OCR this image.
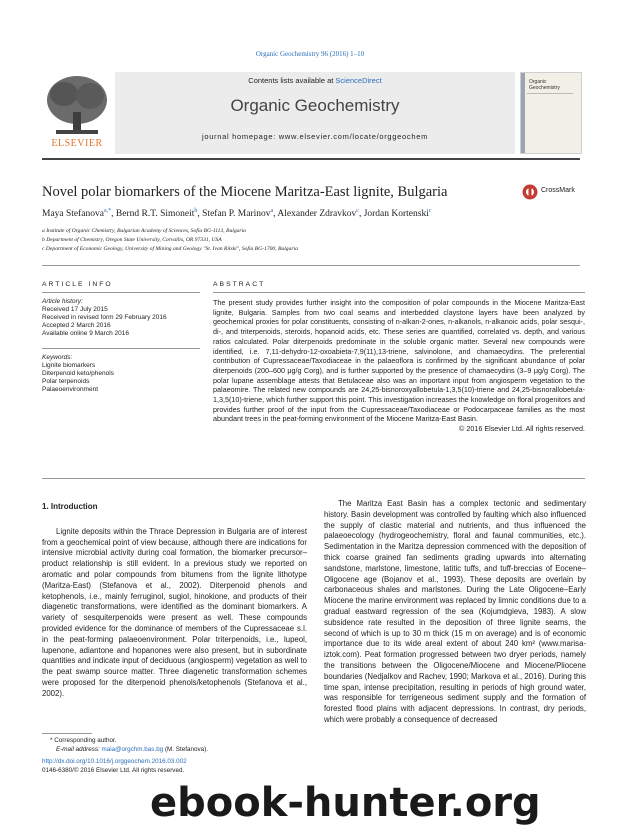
Organic Geochemistry 96 (2016) 1–10
ELSEVIER
Contents lists available at ScienceDirect
Organic Geochemistry
journal homepage: www.elsevier.com/locate/orggeochem
Organic Geochemistry
Novel polar biomarkers of the Miocene Maritza-East lignite, Bulgaria	CrossMark
Maya Stefanova$^{a,*}$, Bernd R.T. Simoneit$^b$, Stefan P. Marinov$^a$, Alexander Zdravkov$^c$, Jordan Kortenski$^c$
a Institute of Organic Chemistry, Bulgarian Academy of Sciences, Sofia BG-1113, Bulgaria
b Department of Chemistry, Oregon State University, Corvallis, OR 97331, USA
c Department of Economic Geology, University of Mining and Geology "St. Ivan Rilski", Sofia BG-1700, Bulgaria
ARTICLE INFO	ABSTRACT
Article history:
Received 17 July 2015
Received in revised form 29 February 2016
Accepted 2 March 2016
Available online 9 March 2016
Keywords:
Lignite biomarkers
Diterpenoid keto/phenols
Polar terpenoids
Palaeoenvironment
The present study provides further insight into the composition of polar compounds in the Miocene Maritza-East lignite, Bulgaria. Samples from two coal seams and interbedded claystone layers have been analyzed by geochemical proxies for polar constituents, consisting of n-alkan-2-ones, n-alkanols, n-alkanoic acids, polar sesqui-, di-, and triterpenoids, steroids, hopanoid acids, etc. These series are quantified, correlated vs. depth, and various ratios calculated. Polar diterpenoids predominate in the soluble organic matter. Several new compounds were identified, i.e. 7,11-dehydro-12-oxoabieta-7,9(11),13-triene, salvinolone, and chamaecydins. The preferential contribution of Cupressaceae/Taxodiaceae in the palaeoflora is confirmed by the significant abundance of polar diterpenoids (200–600 μg/g Corg), and is further supported by the presence of chamaecydins (3–9 μg/g Corg). The polar lupane assemblage attests that Betulaceae also was an important input from angiosperm vegetation to the palaeomire. The related new compounds are 24,25-bisnoroxyallobetula-1,3,5(10)-triene and 24,25-bisnorallobetula-1,3,5(10)-triene, which further support this point. This investigation increases the knowledge on floral progenitors and provides further proof of the input from the Cupressaceae/Taxodiaceae or Podocarpaceae families as the most abundant trees in the peat-forming environment of the Miocene Maritza-East Basin.
© 2016 Elsevier Ltd. All rights reserved.
1. Introduction

Lignite deposits within the Thrace Depression in Bulgaria are of interest from a geochemical point of view because, although there are indications for intensive microbial activity during coal formation, the biomarker precursor–product relationship is still evident. In a previous study we reported on aromatic and polar compounds from bitumens from the lignite lithotype (Maritza-East) (Stefanova et al., 2002). Diterpenoid phenols and ketophenols, i.e., mainly ferruginol, sugiol, hinokione, and products of their diagenetic transformations, were identified as the dominant biomarkers. A variety of sesquiterpenoids were present as well. These compounds provided evidence for the dominance of members of the Cupressaceae s.l. in the peat-forming palaeoenvironment. Polar triterpenoids, i.e., lupeol, lupenone, adiantone and hopanones were also present, but in subordinate quantities and indicate input of deciduous (angiosperm) vegetation as well to the peat swamp source matter. Three diagenetic transformation schemes were proposed for the diterpenoid phenols/ketophenols (Stefanova et al., 2002).

The Maritza East Basin has a complex tectonic and sedimentary history. Basin development was controlled by faulting which also influenced the supply of clastic material and nutrients, and thus influenced the palaeoecology (hydrogeochemistry, floral and faunal communities, etc.). Sedimentation in the Maritza depression commenced with the deposition of thick coarse grained fan sediments grading upwards into alternating sandstone, marlstone, limestone, latitic tuffs, and tuff-breccias of Eocene–Oligocene age (Bojanov et al., 1993). These deposits are overlain by carbonaceous shales and marlstones. During the Late Oligocene–Early Miocene the marine environment was replaced by limnic conditions due to a gradual eastward regression of the sea (Kojumdgieva, 1983). A slow subsidence rate resulted in the deposition of three lignite seams, the second of which is up to 30 m thick (15 m on average) and is of economic importance due to its wide areal extent of about 240 km² (www.marisa-iztok.com). Peat formation progressed between two dryer periods, namely the transitions between the Oligocene/Miocene and Miocene/Pliocene boundaries (Nedjalkov and Rachev, 1990; Markova et al., 2016). During this time span, intense precipitation, resulting in periods of high ground water, was responsible for terrigeneous sediment supply and the formation of forested flood plains with adjacent depressions. In contrast, dry periods, which were probably a consequence of decreased

* Corresponding author.
E-mail address: maia@orgchm.bas.bg (M. Stefanova).
http://dx.doi.org/10.1016/j.orggeochem.2016.03.002
0146-6380/© 2016 Elsevier Ltd. All rights reserved.
ebook-hunter.org
